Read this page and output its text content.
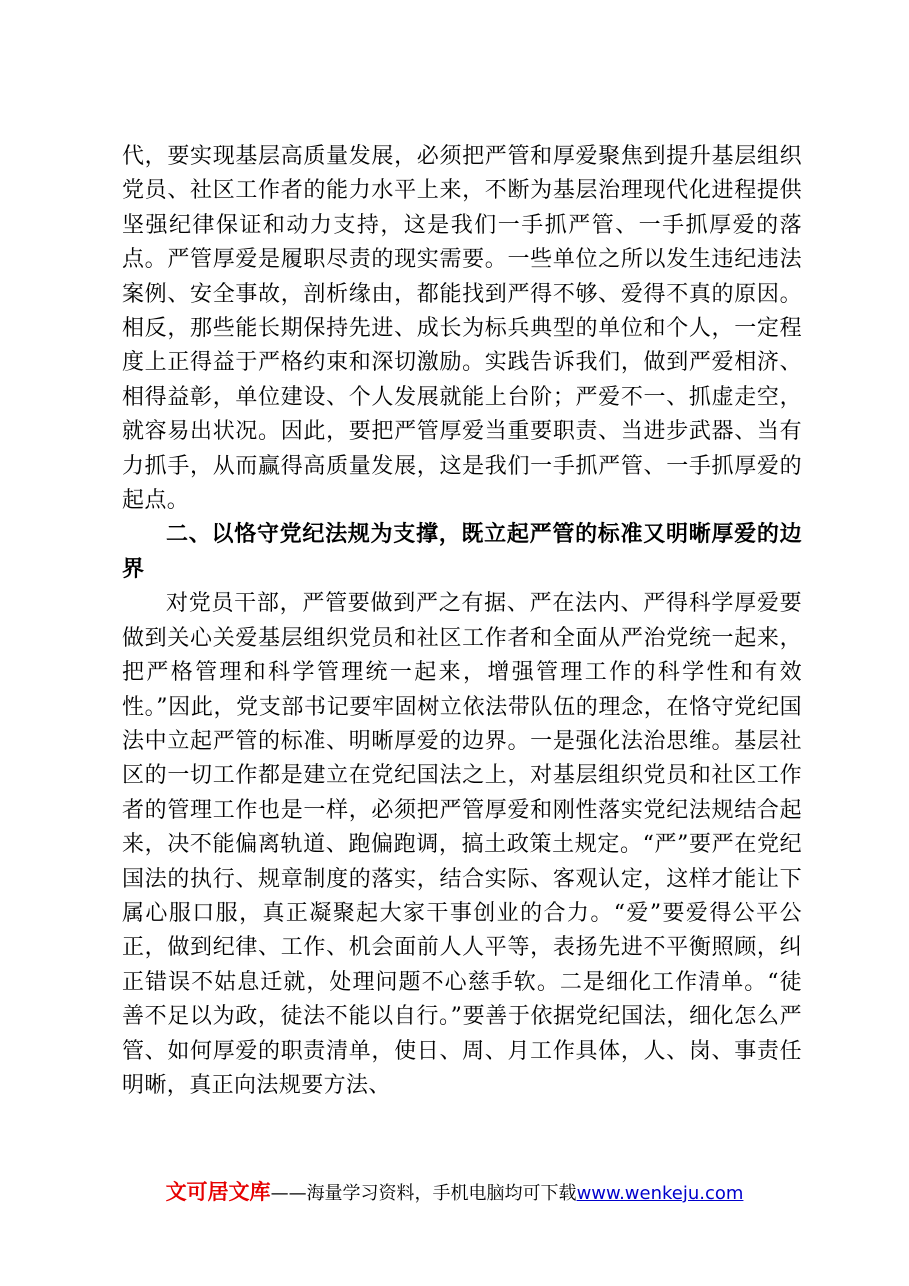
代，要实现基层高质量发展，必须把严管和厚爱聚焦到提升基层组织党员、社区工作者的能力水平上来，不断为基层治理现代化进程提供坚强纪律保证和动力支持，这是我们一手抓严管、一手抓厚爱的落点。严管厚爱是履职尽责的现实需要。一些单位之所以发生违纪违法案例、安全事故，剖析缘由，都能找到严得不够、爱得不真的原因。相反，那些能长期保持先进、成长为标兵典型的单位和个人，一定程度上正得益于严格约束和深切激励。实践告诉我们，做到严爱相济、相得益彰，单位建设、个人发展就能上台阶；严爱不一、抓虚走空，就容易出状况。因此，要把严管厚爱当重要职责、当进步武器、当有力抓手，从而赢得高质量发展，这是我们一手抓严管、一手抓厚爱的起点。

二、以恪守党纪法规为支撑，既立起严管的标准又明晰厚爱的边界

对党员干部，严管要做到严之有据、严在法内、严得科学厚爱要做到关心关爱基层组织党员和社区工作者和全面从严治党统一起来，把严格管理和科学管理统一起来，增强管理工作的科学性和有效性。”因此，党支部书记要牢固树立依法带队伍的理念，在恪守党纪国法中立起严管的标准、明晰厚爱的边界。一是强化法治思维。基层社区的一切工作都是建立在党纪国法之上，对基层组织党员和社区工作者的管理工作也是一样，必须把严管厚爱和刚性落实党纪法规结合起来，决不能偏离轨道、跑偏跑调，搞土政策土规定。“严”要严在党纪国法的执行、规章制度的落实，结合实际、客观认定，这样才能让下属心服口服，真正凝聚起大家干事创业的合力。“爱”要爱得公平公正，做到纪律、工作、机会面前人人平等，表扬先进不平衡照顾，纠正错误不姑息迁就，处理问题不心慈手软。二是细化工作清单。“徒善不足以为政，徒法不能以自行。”要善于依据党纪国法，细化怎么严管、如何厚爱的职责清单，使日、周、月工作具体，人、岗、事责任明晰，真正向法规要方法、

文可居文库——海量学习资料，手机电脑均可下载www.wenkeju.com
